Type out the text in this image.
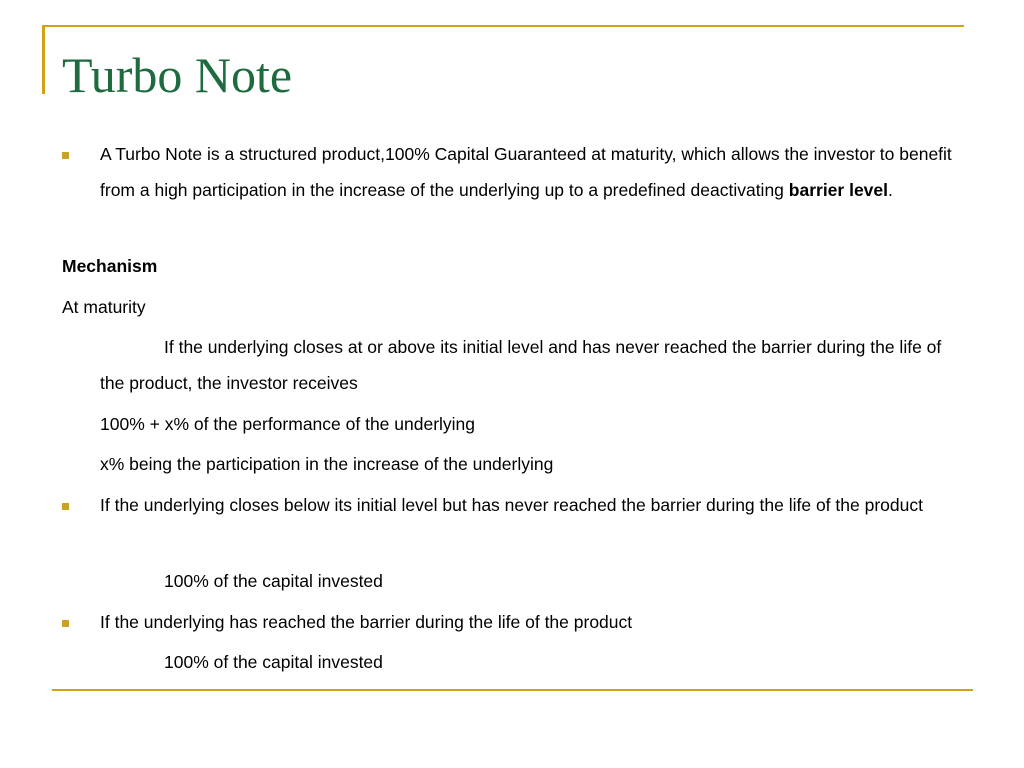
Turbo Note

A Turbo Note is a structured product,100% Capital Guaranteed at maturity, which allows the investor to benefit from a high participation in the increase of the underlying up to a predefined deactivating barrier level.

Mechanism

At maturity

If the underlying closes at or above its initial level and has never reached the barrier during the life of the product, the investor receives

100% + x% of the performance of the underlying

x% being the participation in the increase of the underlying

If the underlying closes below its initial level but has never reached the barrier during the life of the product

100% of the capital invested

If the underlying has reached the barrier during the life of the product

100% of the capital invested
